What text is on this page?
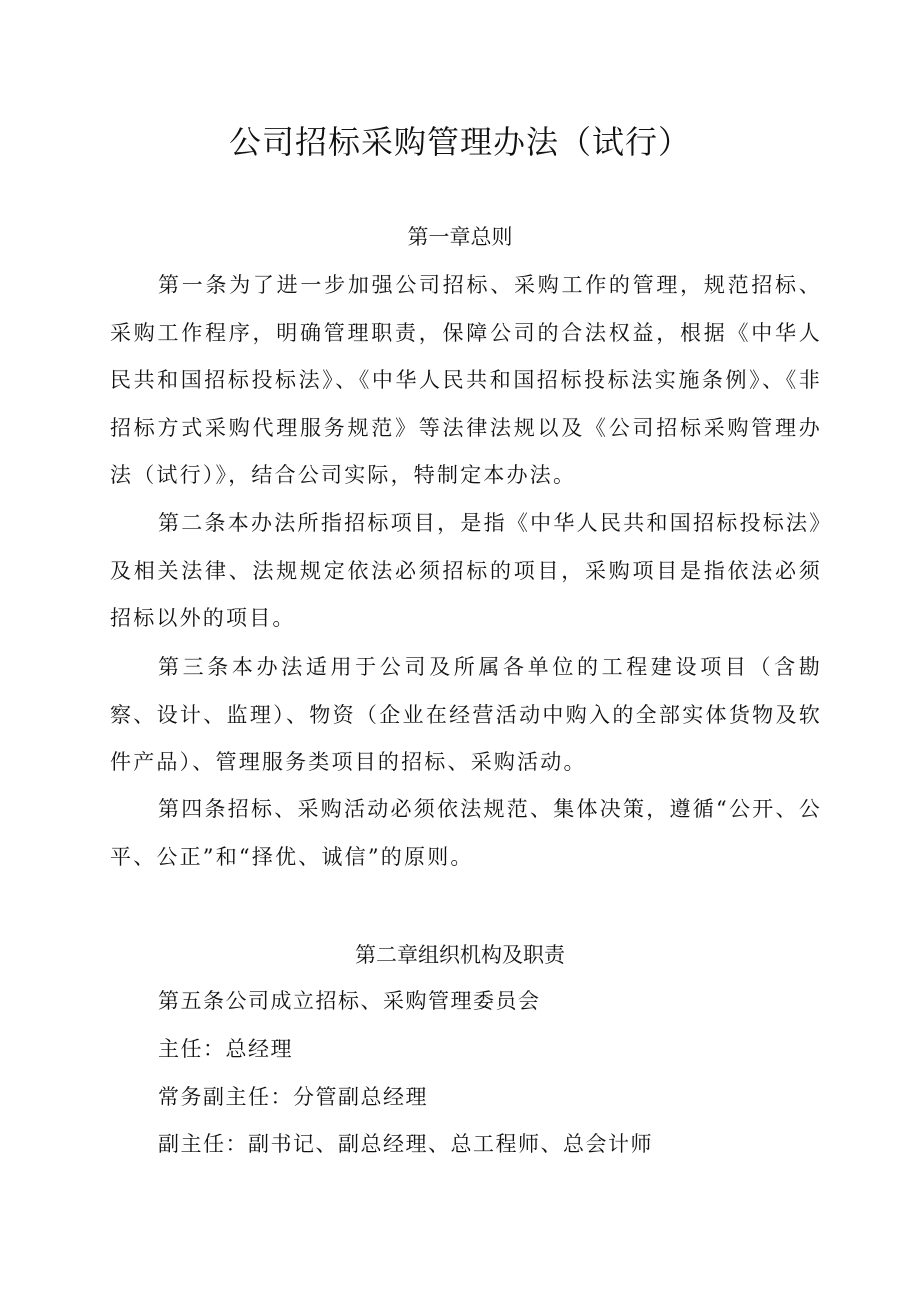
公司招标采购管理办法（试行）
第一章总则
第一条为了进一步加强公司招标、采购工作的管理，规范招标、采购工作程序，明确管理职责，保障公司的合法权益，根据《中华人民共和国招标投标法》、《中华人民共和国招标投标法实施条例》、《非招标方式采购代理服务规范》等法律法规以及《公司招标采购管理办法（试行）》，结合公司实际，特制定本办法。
第二条本办法所指招标项目，是指《中华人民共和国招标投标法》及相关法律、法规规定依法必须招标的项目，采购项目是指依法必须招标以外的项目。
第三条本办法适用于公司及所属各单位的工程建设项目（含勘察、设计、监理）、物资（企业在经营活动中购入的全部实体货物及软件产品）、管理服务类项目的招标、采购活动。
第四条招标、采购活动必须依法规范、集体决策，遵循“公开、公平、公正”和“择优、诚信”的原则。
第二章组织机构及职责
第五条公司成立招标、采购管理委员会
主任：总经理
常务副主任：分管副总经理
副主任：副书记、副总经理、总工程师、总会计师
